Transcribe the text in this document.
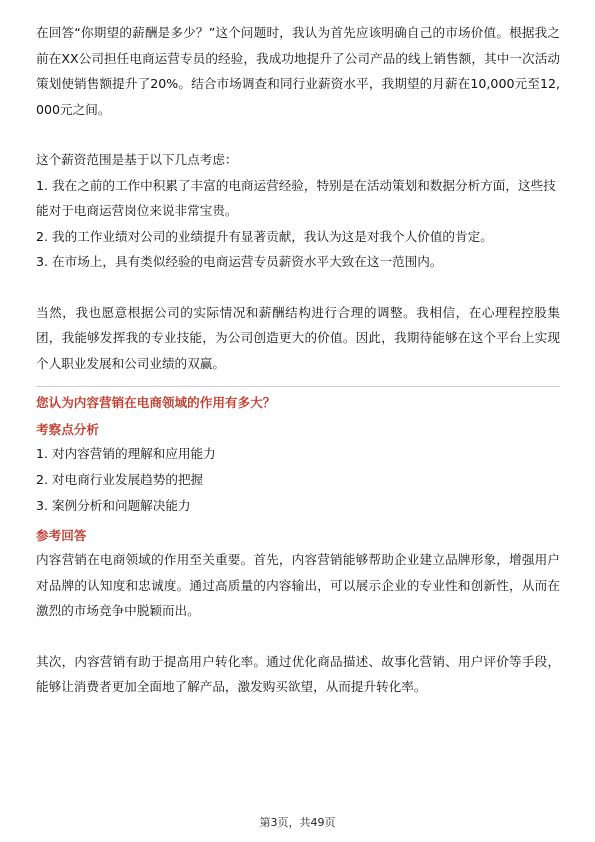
在回答“你期望的薪酬是多少？”这个问题时，我认为首先应该明确自己的市场价值。根据我之前在XX公司担任电商运营专员的经验，我成功地提升了公司产品的线上销售额，其中一次活动策划使销售额提升了20%。结合市场调查和同行业薪资水平，我期望的月薪在10,000元至12,000元之间。

这个薪资范围是基于以下几点考虑：

1. 我在之前的工作中积累了丰富的电商运营经验，特别是在活动策划和数据分析方面，这些技能对于电商运营岗位来说非常宝贵。

2. 我的工作业绩对公司的业绩提升有显著贡献，我认为这是对我个人价值的肯定。

3. 在市场上，具有类似经验的电商运营专员薪资水平大致在这一范围内。

当然，我也愿意根据公司的实际情况和薪酬结构进行合理的调整。我相信，在心理程控股集团，我能够发挥我的专业技能，为公司创造更大的价值。因此，我期待能够在这个平台上实现个人职业发展和公司业绩的双赢。

您认为内容营销在电商领域的作用有多大？
考察点分析
1. 对内容营销的理解和应用能力
2. 对电商行业发展趋势的把握
3. 案例分析和问题解决能力
参考回答

内容营销在电商领域的作用至关重要。首先，内容营销能够帮助企业建立品牌形象，增强用户对品牌的认知度和忠诚度。通过高质量的内容输出，可以展示企业的专业性和创新性，从而在激烈的市场竞争中脱颖而出。

其次，内容营销有助于提高用户转化率。通过优化商品描述、故事化营销、用户评价等手段，能够让消费者更加全面地了解产品，激发购买欲望，从而提升转化率。

第3页，共49页
